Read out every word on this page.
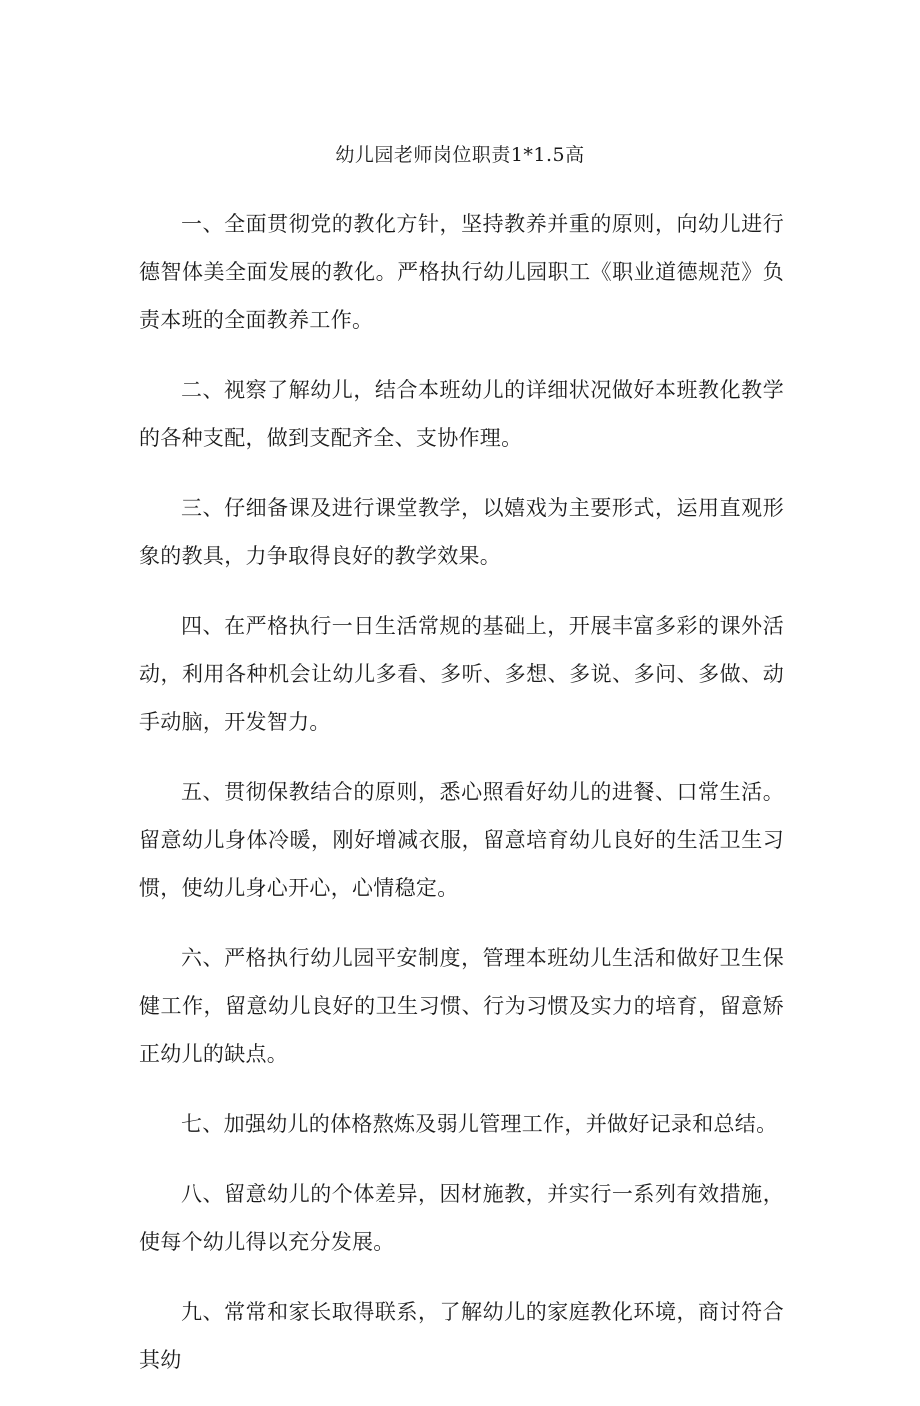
幼儿园老师岗位职责1*1.5高

一、全面贯彻党的教化方针，坚持教养并重的原则，向幼儿进行德智体美全面发展的教化。严格执行幼儿园职工《职业道德规范》负责本班的全面教养工作。

二、视察了解幼儿，结合本班幼儿的详细状况做好本班教化教学的各种支配，做到支配齐全、支协作理。

三、仔细备课及进行课堂教学，以嬉戏为主要形式，运用直观形象的教具，力争取得良好的教学效果。

四、在严格执行一日生活常规的基础上，开展丰富多彩的课外活动，利用各种机会让幼儿多看、多听、多想、多说、多问、多做、动手动脑，开发智力。

五、贯彻保教结合的原则，悉心照看好幼儿的进餐、口常生活。留意幼儿身体冷暖，刚好增减衣服，留意培育幼儿良好的生活卫生习惯，使幼儿身心开心，心情稳定。

六、严格执行幼儿园平安制度，管理本班幼儿生活和做好卫生保健工作，留意幼儿良好的卫生习惯、行为习惯及实力的培育，留意矫正幼儿的缺点。

七、加强幼儿的体格熬炼及弱儿管理工作，并做好记录和总结。

八、留意幼儿的个体差异，因材施教，并实行一系列有效措施，使每个幼儿得以充分发展。

九、常常和家长取得联系，了解幼儿的家庭教化环境，商讨符合其幼
